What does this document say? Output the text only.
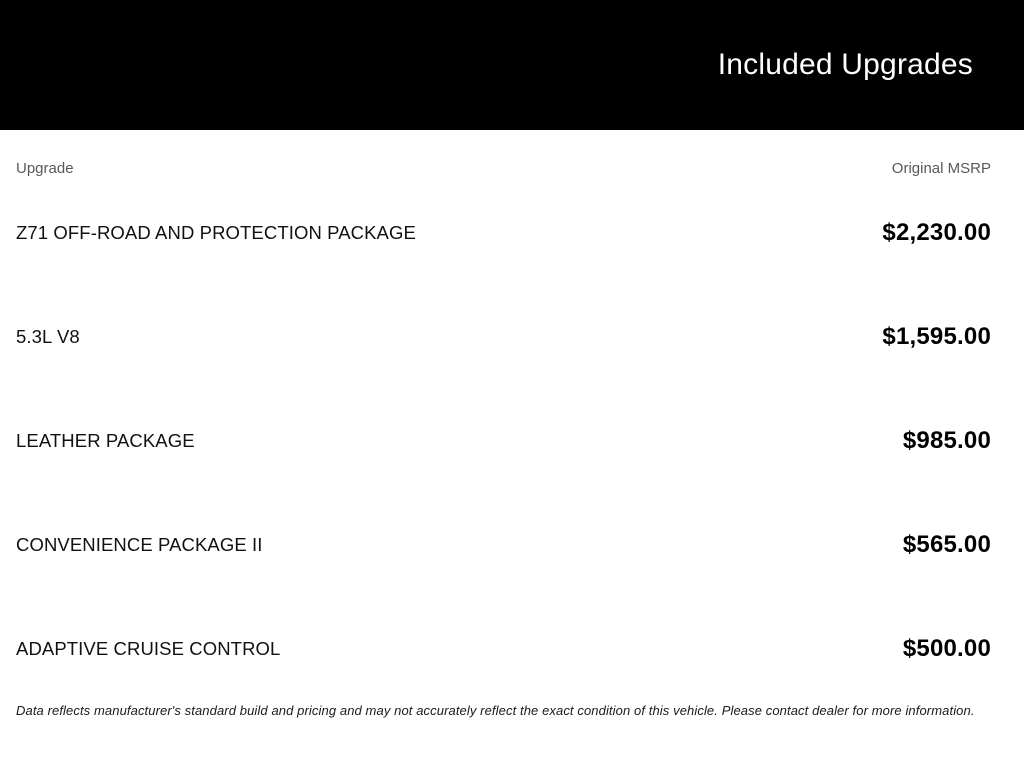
Included Upgrades
Upgrade	Original MSRP
Z71 OFF-ROAD AND PROTECTION PACKAGE	$2,230.00
5.3L V8	$1,595.00
LEATHER PACKAGE	$985.00
CONVENIENCE PACKAGE II	$565.00
ADAPTIVE CRUISE CONTROL	$500.00

Data reflects manufacturer's standard build and pricing and may not accurately reflect the exact condition of this vehicle. Please contact dealer for more information.
